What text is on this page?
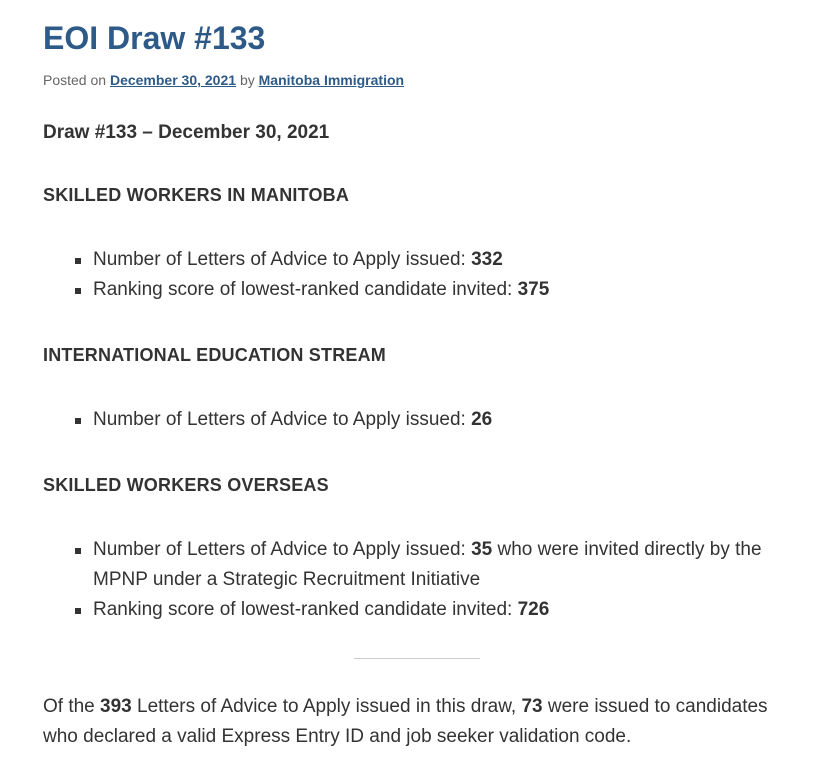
EOI Draw #133
Posted on December 30, 2021 by Manitoba Immigration
Draw #133 – December 30, 2021
SKILLED WORKERS IN MANITOBA
Number of Letters of Advice to Apply issued: 332
Ranking score of lowest-ranked candidate invited: 375
INTERNATIONAL EDUCATION STREAM
Number of Letters of Advice to Apply issued: 26
SKILLED WORKERS OVERSEAS
Number of Letters of Advice to Apply issued: 35 who were invited directly by the MPNP under a Strategic Recruitment Initiative
Ranking score of lowest-ranked candidate invited: 726

Of the 393 Letters of Advice to Apply issued in this draw, 73 were issued to candidates who declared a valid Express Entry ID and job seeker validation code.
